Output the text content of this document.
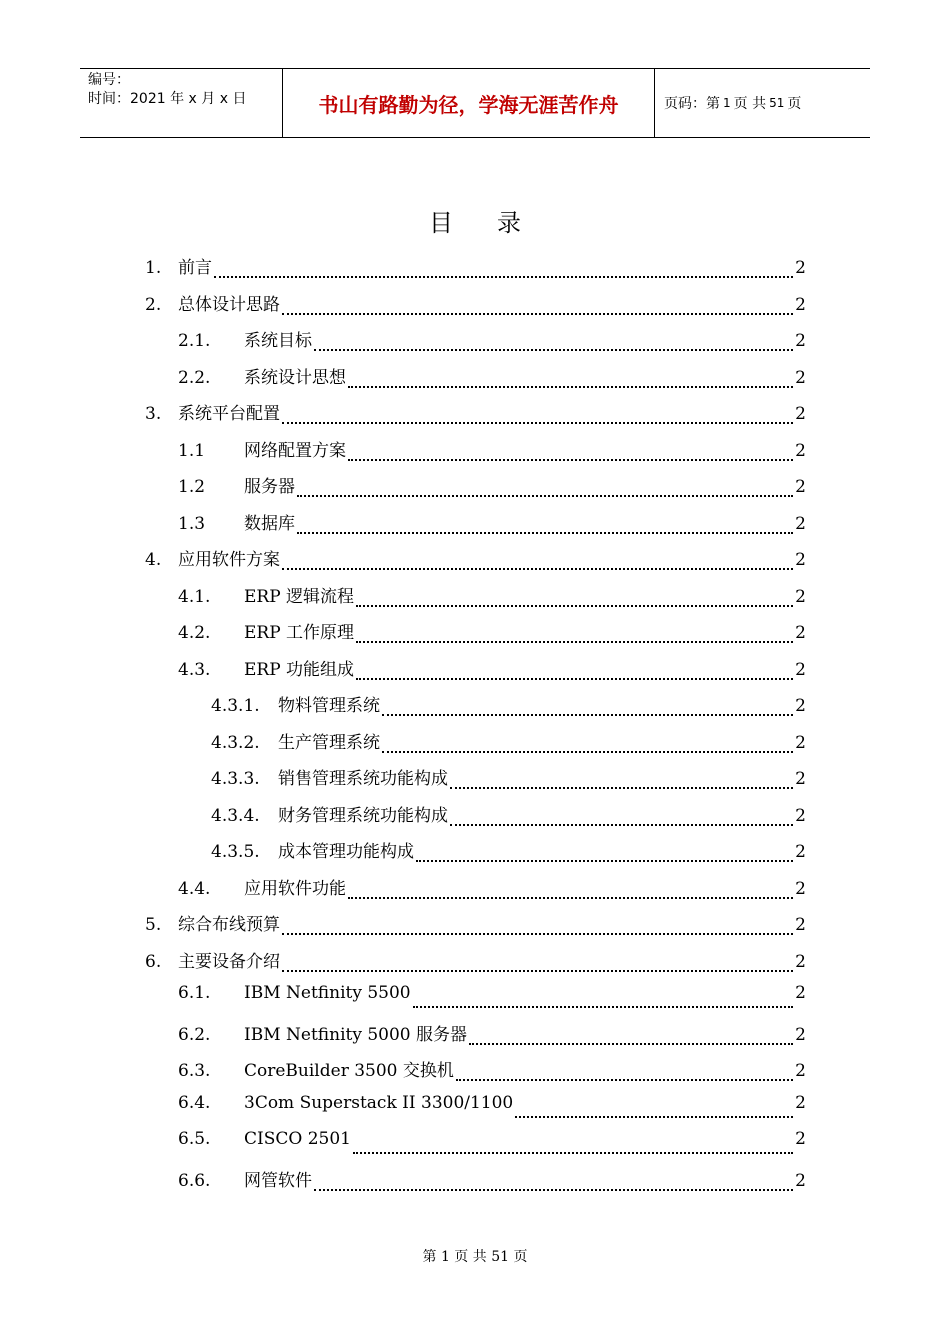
编号：
时间：2021 年 x 月 x 日	书山有路勤为径，学海无涯苦作舟	页码：第 1 页 共 51 页
目录
1. 前言	2
2. 总体设计思路	2
2.1.	系统目标	2
2.2.	系统设计思想	2
3. 系统平台配置	2
1.1	网络配置方案	2
1.2	服务器	2
1.3	数据库	2
4. 应用软件方案	2
4.1.	ERP 逻辑流程	2
4.2.	ERP 工作原理	2
4.3.	ERP 功能组成	2
4.3.1.	物料管理系统	2
4.3.2.	生产管理系统	2
4.3.3.	销售管理系统功能构成	2
4.3.4.	财务管理系统功能构成	2
4.3.5.	成本管理功能构成	2
4.4.	应用软件功能	2
5. 综合布线预算	2
6. 主要设备介绍	2
6.1.	IBM Netfinity 5500	2
6.2.	IBM Netfinity 5000 服务器	2
6.3.	CoreBuilder 3500 交换机	2
6.4.	3Com Superstack II 3300/1100	2
6.5.	CISCO 2501	2
6.6.	网管软件	2
第 1 页 共 51 页
